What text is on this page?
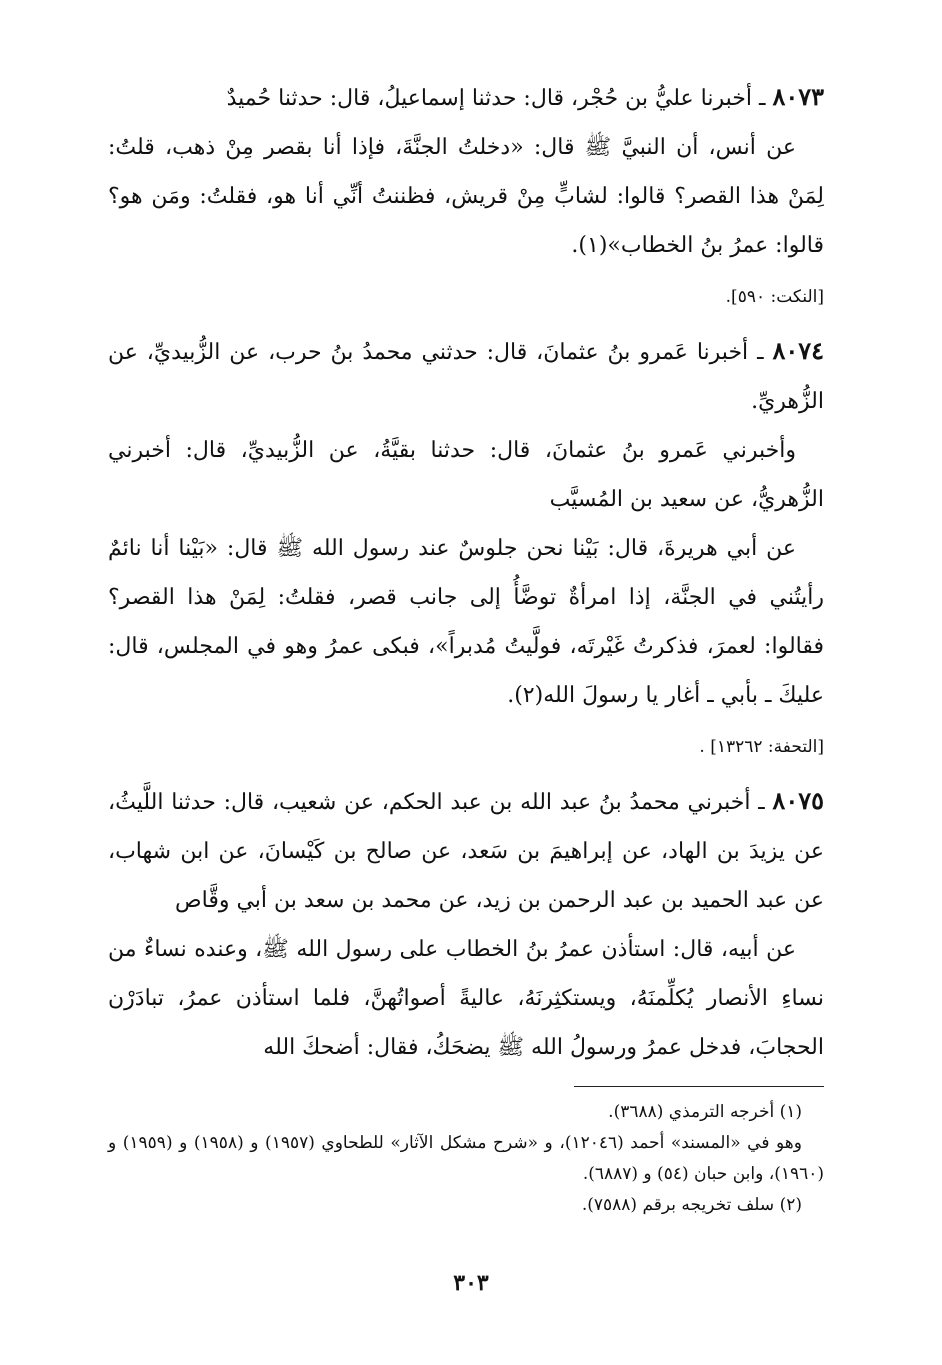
٨٠٧٣ ـ أخبرنا عليُّ بن حُجْر، قال: حدثنا إسماعيلُ، قال: حدثنا حُميدٌ

عن أنس، أن النبيَّ ﷺ قال: «دخلتُ الجنَّةَ، فإذا أنا بقصر مِنْ ذهب، قلتُ: لِمَنْ هذا القصر؟ قالوا: لشابٍّ مِنْ قريش، فظننتُ أنِّي أنا هو، فقلتُ: ومَن هو؟ قالوا: عمرُ بنُ الخطاب»(١).

[النكت: ٥٩٠].

٨٠٧٤ ـ أخبرنا عَمرو بنُ عثمانَ، قال: حدثني محمدُ بنُ حرب، عن الزُّبيديِّ، عن الزُّهريِّ.

وأخبرني عَمرو بنُ عثمانَ، قال: حدثنا بقيَّةُ، عن الزُّبيديِّ، قال: أخبرني الزُّهريُّ، عن سعيد بن المُسيَّب

عن أبي هريرةَ، قال: بَيْنا نحن جلوسٌ عند رسول الله ﷺ قال: «بَيْنا أنا نائمٌ رأيتُني في الجنَّة، إذا امرأةٌ توضَّأُ إلى جانب قصر، فقلتُ: لِمَنْ هذا القصر؟ فقالوا: لعمرَ، فذكرتُ غَيْرتَه، فولَّيتُ مُدبراً»، فبكى عمرُ وهو في المجلس، قال: عليكَ ـ بأبي ـ أغار يا رسولَ الله(٢).

[التحفة: ١٣٢٦٢] .

٨٠٧٥ ـ أخبرني محمدُ بنُ عبد الله بن عبد الحكم، عن شعيب، قال: حدثنا اللَّيثُ، عن يزيدَ بن الهاد، عن إبراهيمَ بن سَعد، عن صالح بن كَيْسانَ، عن ابن شهاب، عن عبد الحميد بن عبد الرحمن بن زيد، عن محمد بن سعد بن أبي وقَّاص

عن أبيه، قال: استأذن عمرُ بنُ الخطاب على رسول الله ﷺ، وعنده نساءٌ من نساءِ الأنصار يُكلِّمنَهُ، ويستكثِرنَهُ، عاليةً أصواتُهنَّ، فلما استأذن عمرُ، تبادَرْن الحجابَ، فدخل عمرُ ورسولُ الله ﷺ يضحَكُ، فقال: أضحكَ الله

(١) أخرجه الترمذي (٣٦٨٨).

وهو في «المسند» أحمد (١٢٠٤٦)، و «شرح مشكل الآثار» للطحاوي (١٩٥٧) و (١٩٥٨) و (١٩٥٩) و (١٩٦٠)، وابن حبان (٥٤) و (٦٨٨٧).

(٢) سلف تخريجه برقم (٧٥٨٨).

٣٠٣
